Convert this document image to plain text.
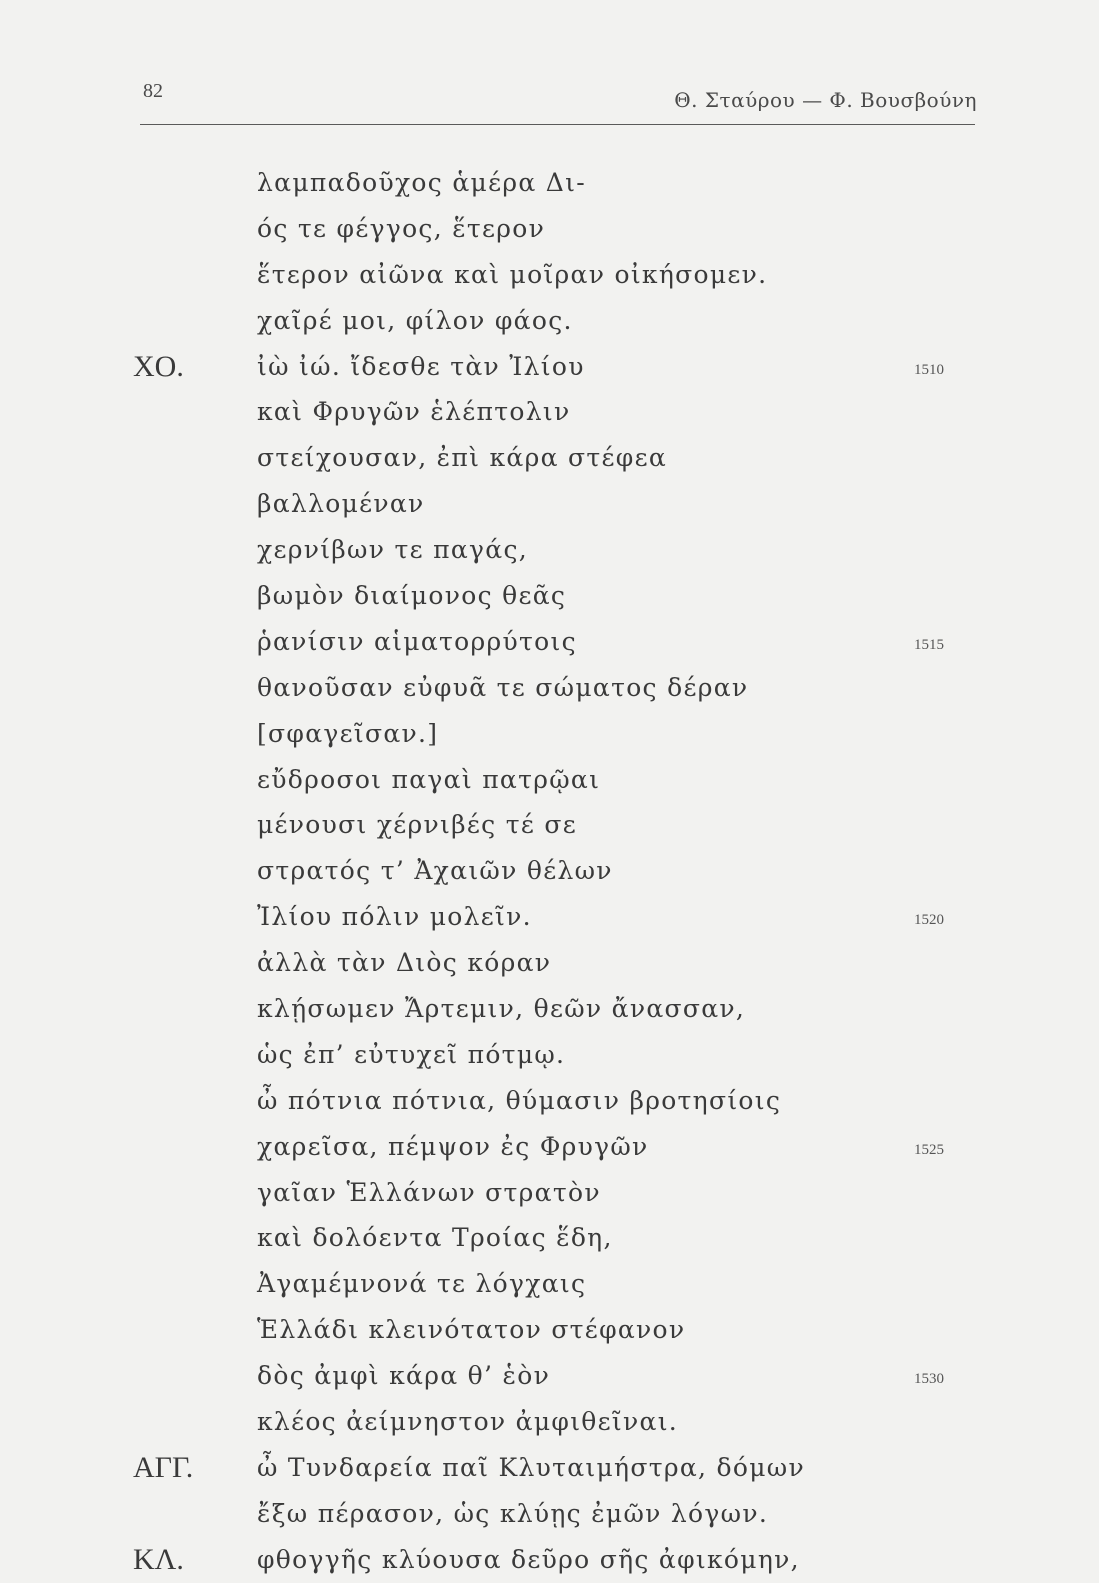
82	Θ. Σταύρου — Φ. Βουσβούνη
λαμπαδοῦχος ἁμέρα Δι-
ός τε φέγγος, ἕτερον
ἕτερον αἰῶνα καὶ μοῖραν οἰκήσομεν.
χαῖρέ μοι, φίλον φάος.
ΧΟ.	ἰὼ ἰώ. ἴδεσθε τὰν Ἰλίου	1510
καὶ Φρυγῶν ἑλέπτολιν
στείχουσαν, ἐπὶ κάρα στέφεα
βαλλομέναν
χερνίβων τε παγάς,
βωμὸν διαίμονος θεᾶς
ῥανίσιν αἱματορρύτοις	1515
θανοῦσαν εὐφυᾶ τε σώματος δέραν
[σφαγεῖσαν.]
εὔδροσοι παγαὶ πατρῷαι
μένουσι χέρνιβές τέ σε
στρατός τ’ Ἀχαιῶν θέλων
Ἰλίου πόλιν μολεῖν.	1520
ἀλλὰ τὰν Διὸς κόραν
κλῄσωμεν Ἄρτεμιν, θεῶν ἄνασσαν,
ὡς ἐπ’ εὐτυχεῖ πότμῳ.
ὦ πότνια πότνια, θύμασιν βροτησίοις
χαρεῖσα, πέμψον ἐς Φρυγῶν	1525
γαῖαν Ἑλλάνων στρατὸν
καὶ δολόεντα Τροίας ἕδη,
Ἀγαμέμνονά τε λόγχαις
Ἑλλάδι κλεινότατον στέφανον
δὸς ἀμφὶ κάρα θ’ ἑὸν	1530
κλέος ἀείμνηστον ἀμφιθεῖναι.
ΑΓΓ.	ὦ Τυνδαρεία παῖ Κλυταιμήστρα, δόμων
ἔξω πέρασον, ὡς κλύῃς ἐμῶν λόγων.
ΚΛ.	φθογγῆς κλύουσα δεῦρο σῆς ἀφικόμην,
